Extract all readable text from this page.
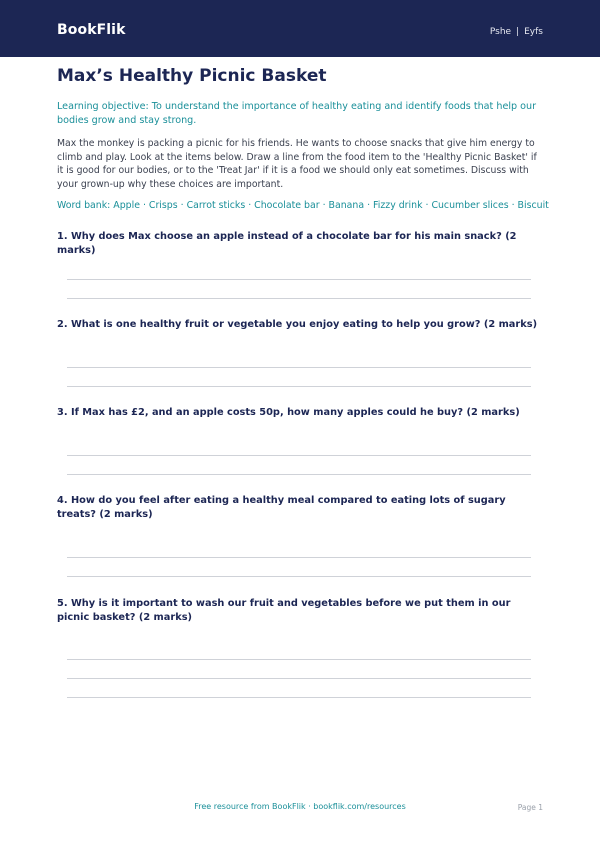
BookFlik	Pshe | Eyfs
Max’s Healthy Picnic Basket
Learning objective: To understand the importance of healthy eating and identify foods that help our bodies grow and stay strong.
Max the monkey is packing a picnic for his friends. He wants to choose snacks that give him energy to climb and play. Look at the items below. Draw a line from the food item to the 'Healthy Picnic Basket' if it is good for our bodies, or to the 'Treat Jar' if it is a food we should only eat sometimes. Discuss with your grown-up why these choices are important.
Word bank: Apple · Crisps · Carrot sticks · Chocolate bar · Banana · Fizzy drink · Cucumber slices · Biscuit
1. Why does Max choose an apple instead of a chocolate bar for his main snack? (2 marks)
2. What is one healthy fruit or vegetable you enjoy eating to help you grow? (2 marks)
3. If Max has £2, and an apple costs 50p, how many apples could he buy? (2 marks)
4. How do you feel after eating a healthy meal compared to eating lots of sugary treats? (2 marks)
5. Why is it important to wash our fruit and vegetables before we put them in our picnic basket? (2 marks)
Free resource from BookFlik · bookflik.com/resources	Page 1
